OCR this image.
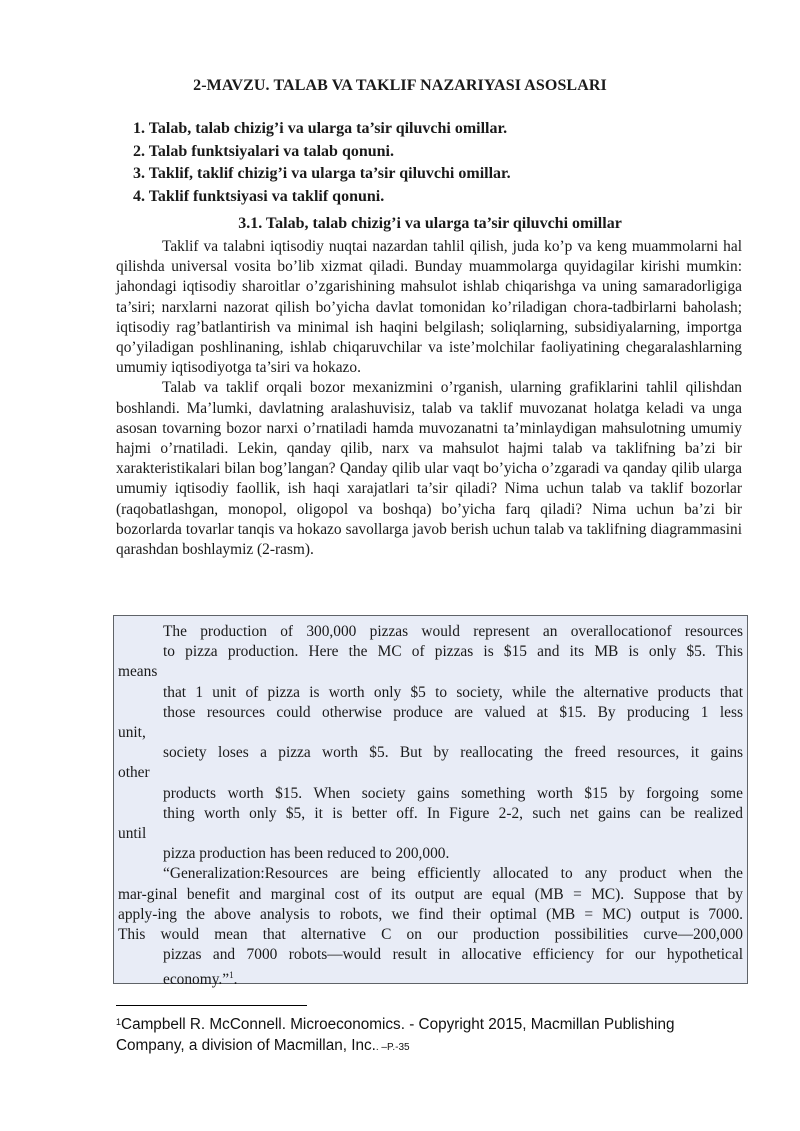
2-MAVZU. TALAB VA TAKLIF NAZARIYASI ASOSLARI
1. Talab, talab chizig’i va ularga ta’sir qiluvchi omillar.
2. Talab funktsiyalari va talab qonuni.
3. Taklif, taklif chizig’i va ularga ta’sir qiluvchi omillar.
4. Taklif funktsiyasi va taklif qonuni.
3.1. Talab, talab chizig’i va ularga ta’sir qiluvchi omillar

Taklif va talabni iqtisodiy nuqtai nazardan tahlil qilish, juda ko’p va keng muammolarni hal qilishda universal vosita bo’lib xizmat qiladi. Bunday muammolarga quyidagilar kirishi mumkin: jahondagi iqtisodiy sharoitlar o’zgarishining mahsulot ishlab chiqarishga va uning samaradorligiga ta’siri; narxlarni nazorat qilish bo’yicha davlat tomonidan ko’riladigan chora-tadbirlarni baholash; iqtisodiy rag’batlantirish va minimal ish haqini belgilash; soliqlarning, subsidiyalarning, importga qo’yiladigan poshlinaning, ishlab chiqaruvchilar va iste’molchilar faoliyatining chegaralashlarning umumiy iqtisodiyotga ta’siri va hokazo.

Talab va taklif orqali bozor mexanizmini o’rganish, ularning grafiklarini tahlil qilishdan boshlandi. Ma’lumki, davlatning aralashuvisiz, talab va taklif muvozanat holatga keladi va unga asosan tovarning bozor narxi o’rnatiladi hamda muvozanatni ta’minlaydigan mahsulotning umumiy hajmi o’rnatiladi. Lekin, qanday qilib, narx va mahsulot hajmi talab va taklifning ba’zi bir xarakteristikalari bilan bog’langan? Qanday qilib ular vaqt bo’yicha o’zgaradi va qanday qilib ularga umumiy iqtisodiy faollik, ish haqi xarajatlari ta’sir qiladi? Nima uchun talab va taklif bozorlar (raqobatlashgan, monopol, oligopol va boshqa) bo’yicha farq qiladi? Nima uchun ba’zi bir bozorlarda tovarlar tanqis va hokazo savollarga javob berish uchun talab va taklifning diagrammasini qarashdan boshlaymiz (2-rasm).

The production of 300,000 pizzas would represent an overallocationof resources
to pizza production. Here the MC of pizzas is $15 and its MB is only $5. This
means
that 1 unit of pizza is worth only $5 to society, while the alternative products that
those resources could otherwise produce are valued at $15. By producing 1 less
unit,
society loses a pizza worth $5. But by reallocating the freed resources, it gains
other
products worth $15. When society gains something worth $15 by forgoing some
thing worth only $5, it is better off. In Figure 2-2, such net gains can be realized
until
pizza production has been reduced to 200,000.
“Generalization:Resources are being efficiently allocated to any product when the
mar-ginal benefit and marginal cost of its output are equal (MB = MC). Suppose that by
apply-ing the above analysis to robots, we find their optimal (MB = MC) output is 7000.
This would mean that alternative C on our production possibilities curve—200,000
pizzas and 7000 robots—would result in allocative efficiency for our hypothetical
economy.”$^1$.
$^1$Campbell R. McConnell. Microeconomics. - Copyright 2015, Macmillan Publishing
Company, a division of Macmillan, Inc.. –P.-35
